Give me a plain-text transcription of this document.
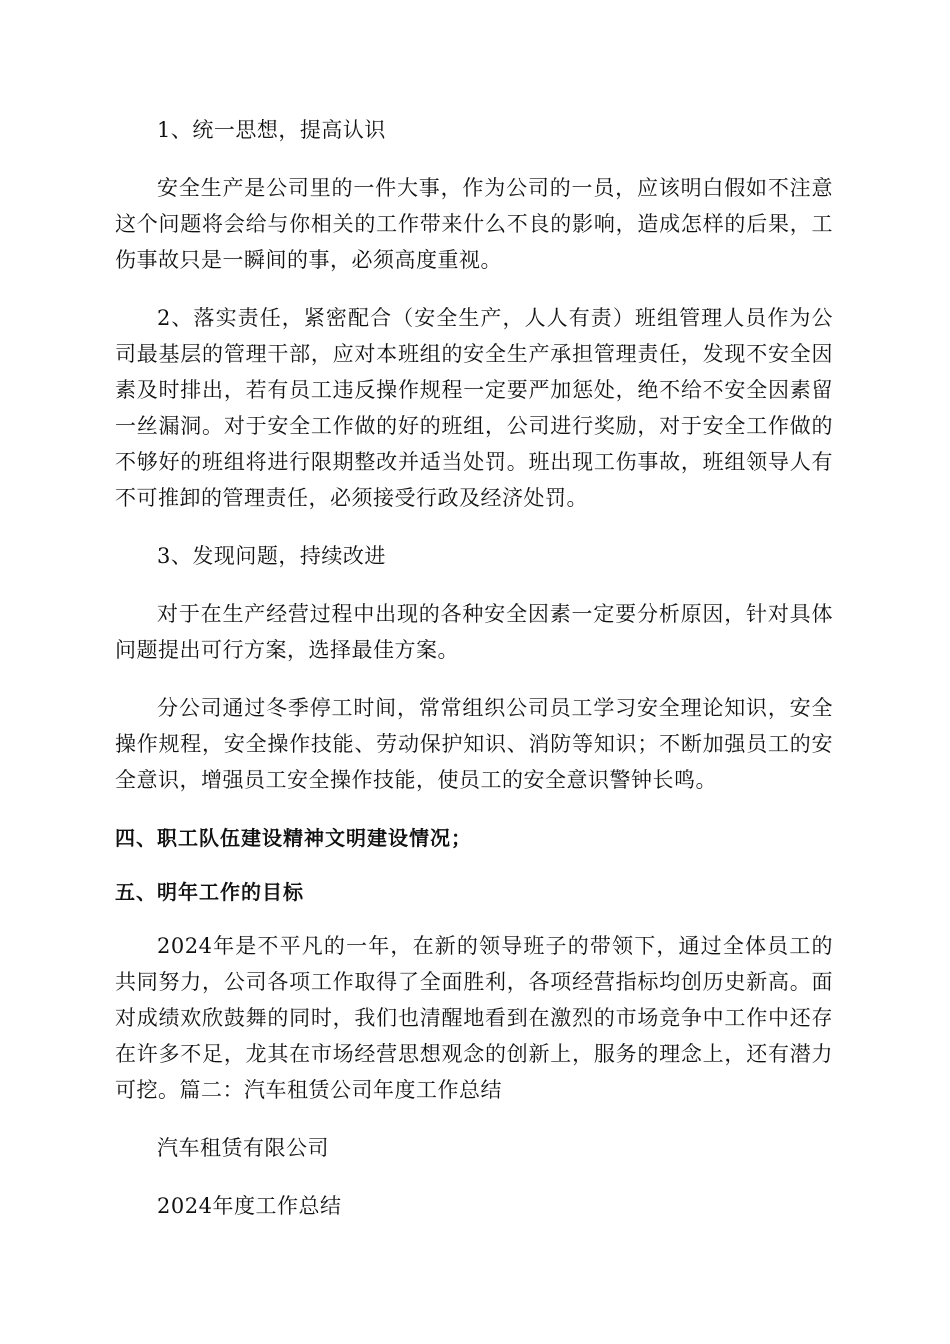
1、统一思想，提高认识

安全生产是公司里的一件大事，作为公司的一员，应该明白假如不注意这个问题将会给与你相关的工作带来什么不良的影响，造成怎样的后果，工伤事故只是一瞬间的事，必须高度重视。

2、落实责任，紧密配合（安全生产，人人有责）班组管理人员作为公司最基层的管理干部，应对本班组的安全生产承担管理责任，发现不安全因素及时排出，若有员工违反操作规程一定要严加惩处，绝不给不安全因素留一丝漏洞。对于安全工作做的好的班组，公司进行奖励，对于安全工作做的不够好的班组将进行限期整改并适当处罚。班出现工伤事故，班组领导人有不可推卸的管理责任，必须接受行政及经济处罚。

3、发现问题，持续改进

对于在生产经营过程中出现的各种安全因素一定要分析原因，针对具体问题提出可行方案，选择最佳方案。

分公司通过冬季停工时间，常常组织公司员工学习安全理论知识，安全操作规程，安全操作技能、劳动保护知识、消防等知识；不断加强员工的安全意识，增强员工安全操作技能，使员工的安全意识警钟长鸣。

四、职工队伍建设精神文明建设情况；
五、明年工作的目标

2024年是不平凡的一年，在新的领导班子的带领下，通过全体员工的共同努力，公司各项工作取得了全面胜利，各项经营指标均创历史新高。面对成绩欢欣鼓舞的同时，我们也清醒地看到在激烈的市场竞争中工作中还存在许多不足，龙其在市场经营思想观念的创新上，服务的理念上，还有潜力可挖。篇二：汽车租赁公司年度工作总结

汽车租赁有限公司

2024年度工作总结
